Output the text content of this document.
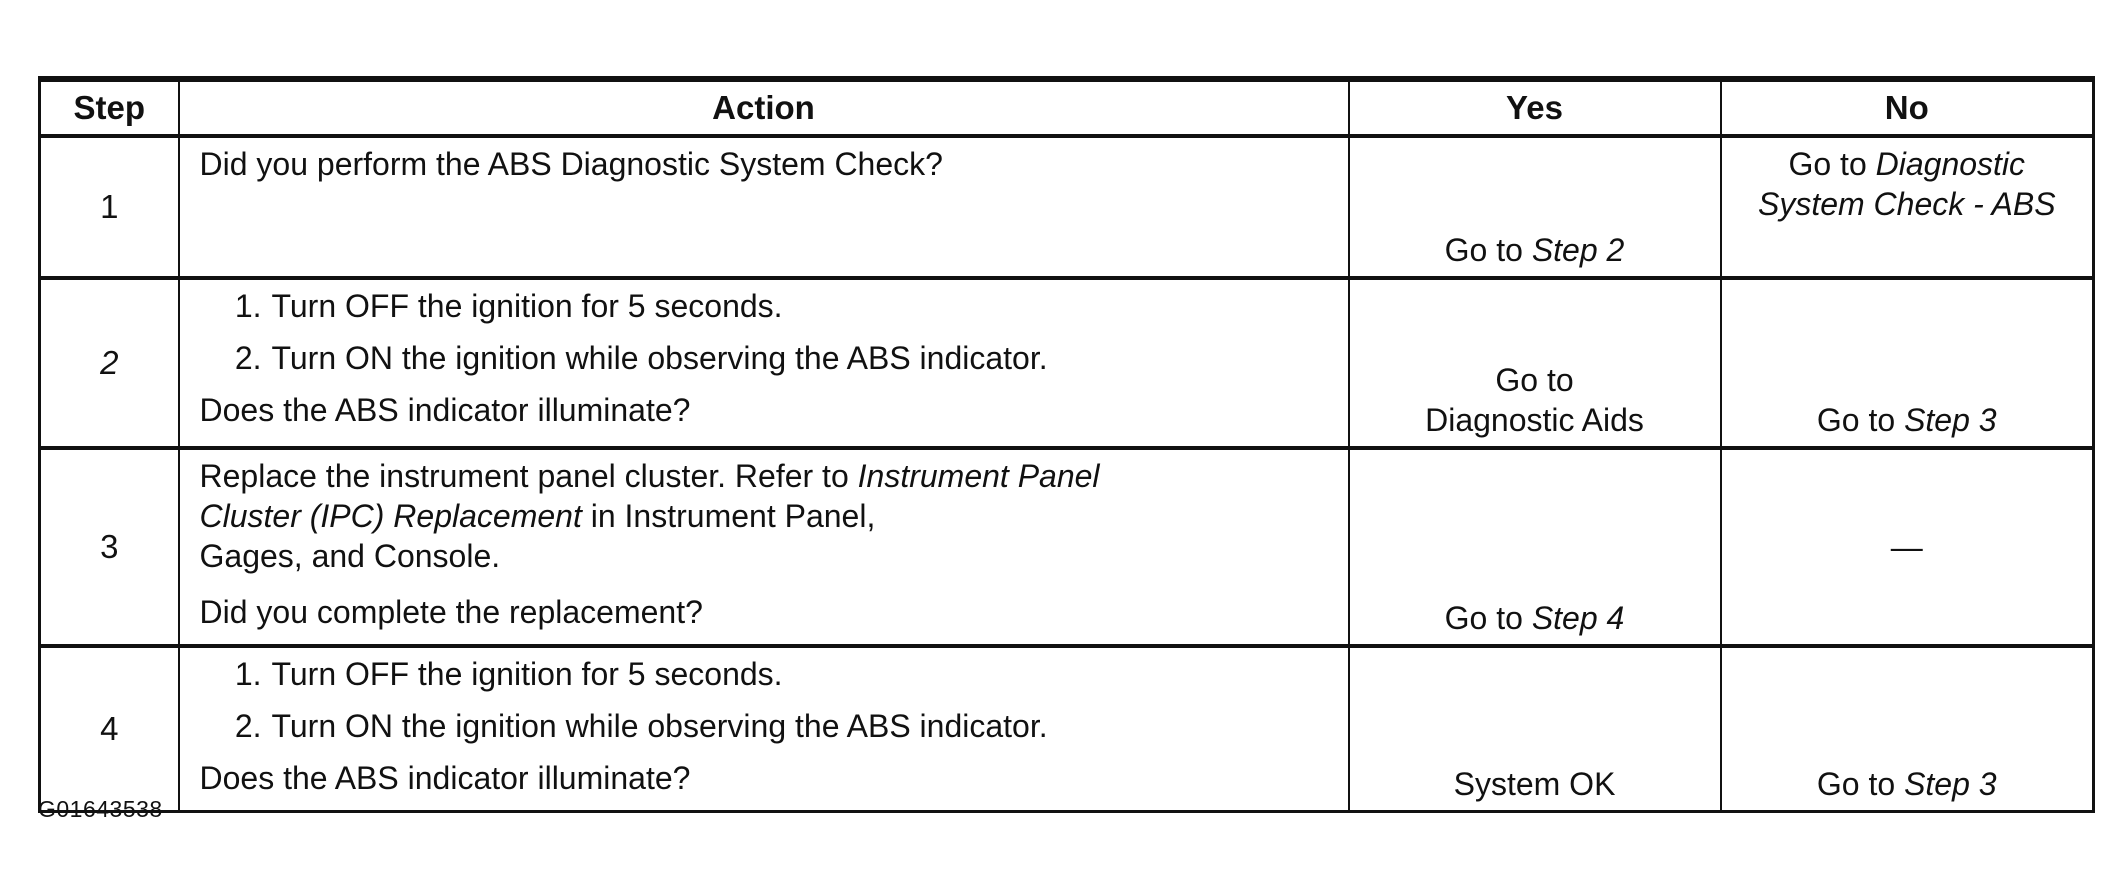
Step	Action	Yes	No
1	Did you perform the ABS Diagnostic System Check?	Go to Step 2	Go to Diagnostic
System Check - ABS
2	1. Turn OFF the ignition for 5 seconds.
2. Turn ON the ignition while observing the ABS indicator.
Does the ABS indicator illuminate?	Go to
Diagnostic Aids	Go to Step 3
3	Replace the instrument panel cluster. Refer to Instrument Panel
Cluster (IPC) Replacement in Instrument Panel,
Gages, and Console.
Did you complete the replacement?	Go to Step 4	—
4	1. Turn OFF the ignition for 5 seconds.
2. Turn ON the ignition while observing the ABS indicator.
Does the ABS indicator illuminate?	System OK	Go to Step 3
G01643538
